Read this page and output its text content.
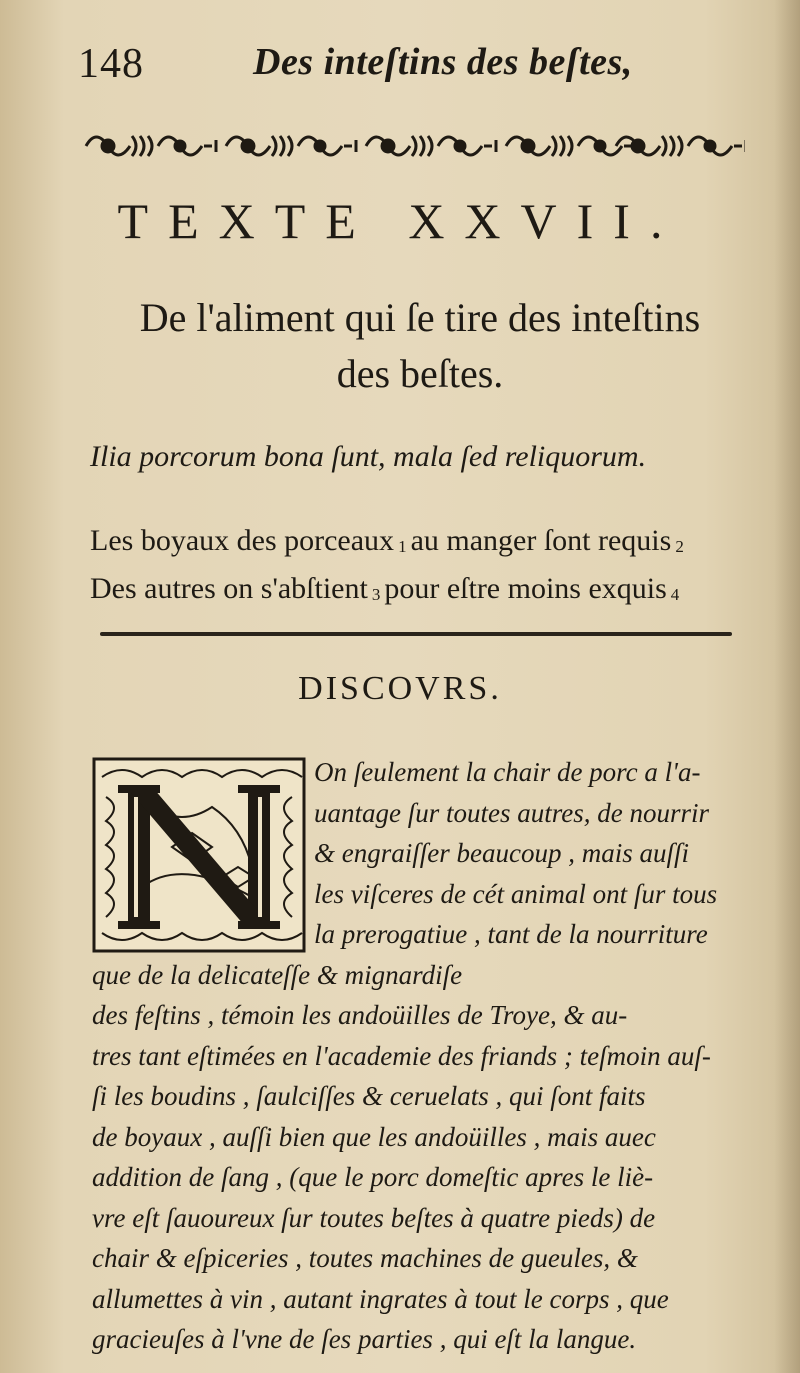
148	Des inteſtins des beſtes,
TEXTE XXVII.
De l'aliment qui ſe tire des inteſtins
des beſtes.
Ilia porcorum bona ſunt, mala ſed reliquorum.
Les boyaux des porceaux 1 au manger ſont requis 2
Des autres on s'abſtient 3 pour eſtre moins exquis 4
DISCOVRS.
On ſeulement la chair de porc a l'a-
uantage ſur toutes autres, de nourrir
& engraiſſer beaucoup , mais auſſi
les viſceres de cét animal ont ſur tous
la prerogatiue , tant de la nourriture
que de la delicateſſe & mignardiſe
des feſtins , témoin les andoüilles de Troye, & au-
tres tant eſtimées en l'academie des friands ; teſmoin auſ-
ſi les boudins , ſaulciſſes & ceruelats , qui ſont faits
de boyaux , auſſi bien que les andoüilles , mais auec
addition de ſang , (que le porc domeſtic apres le liè-
vre eſt ſauoureux ſur toutes beſtes à quatre pieds) de
chair & eſpiceries , toutes machines de gueules, &
allumettes à vin , autant ingrates à tout le corps , que
gracieuſes à l'vne de ſes parties , qui eſt la langue.
